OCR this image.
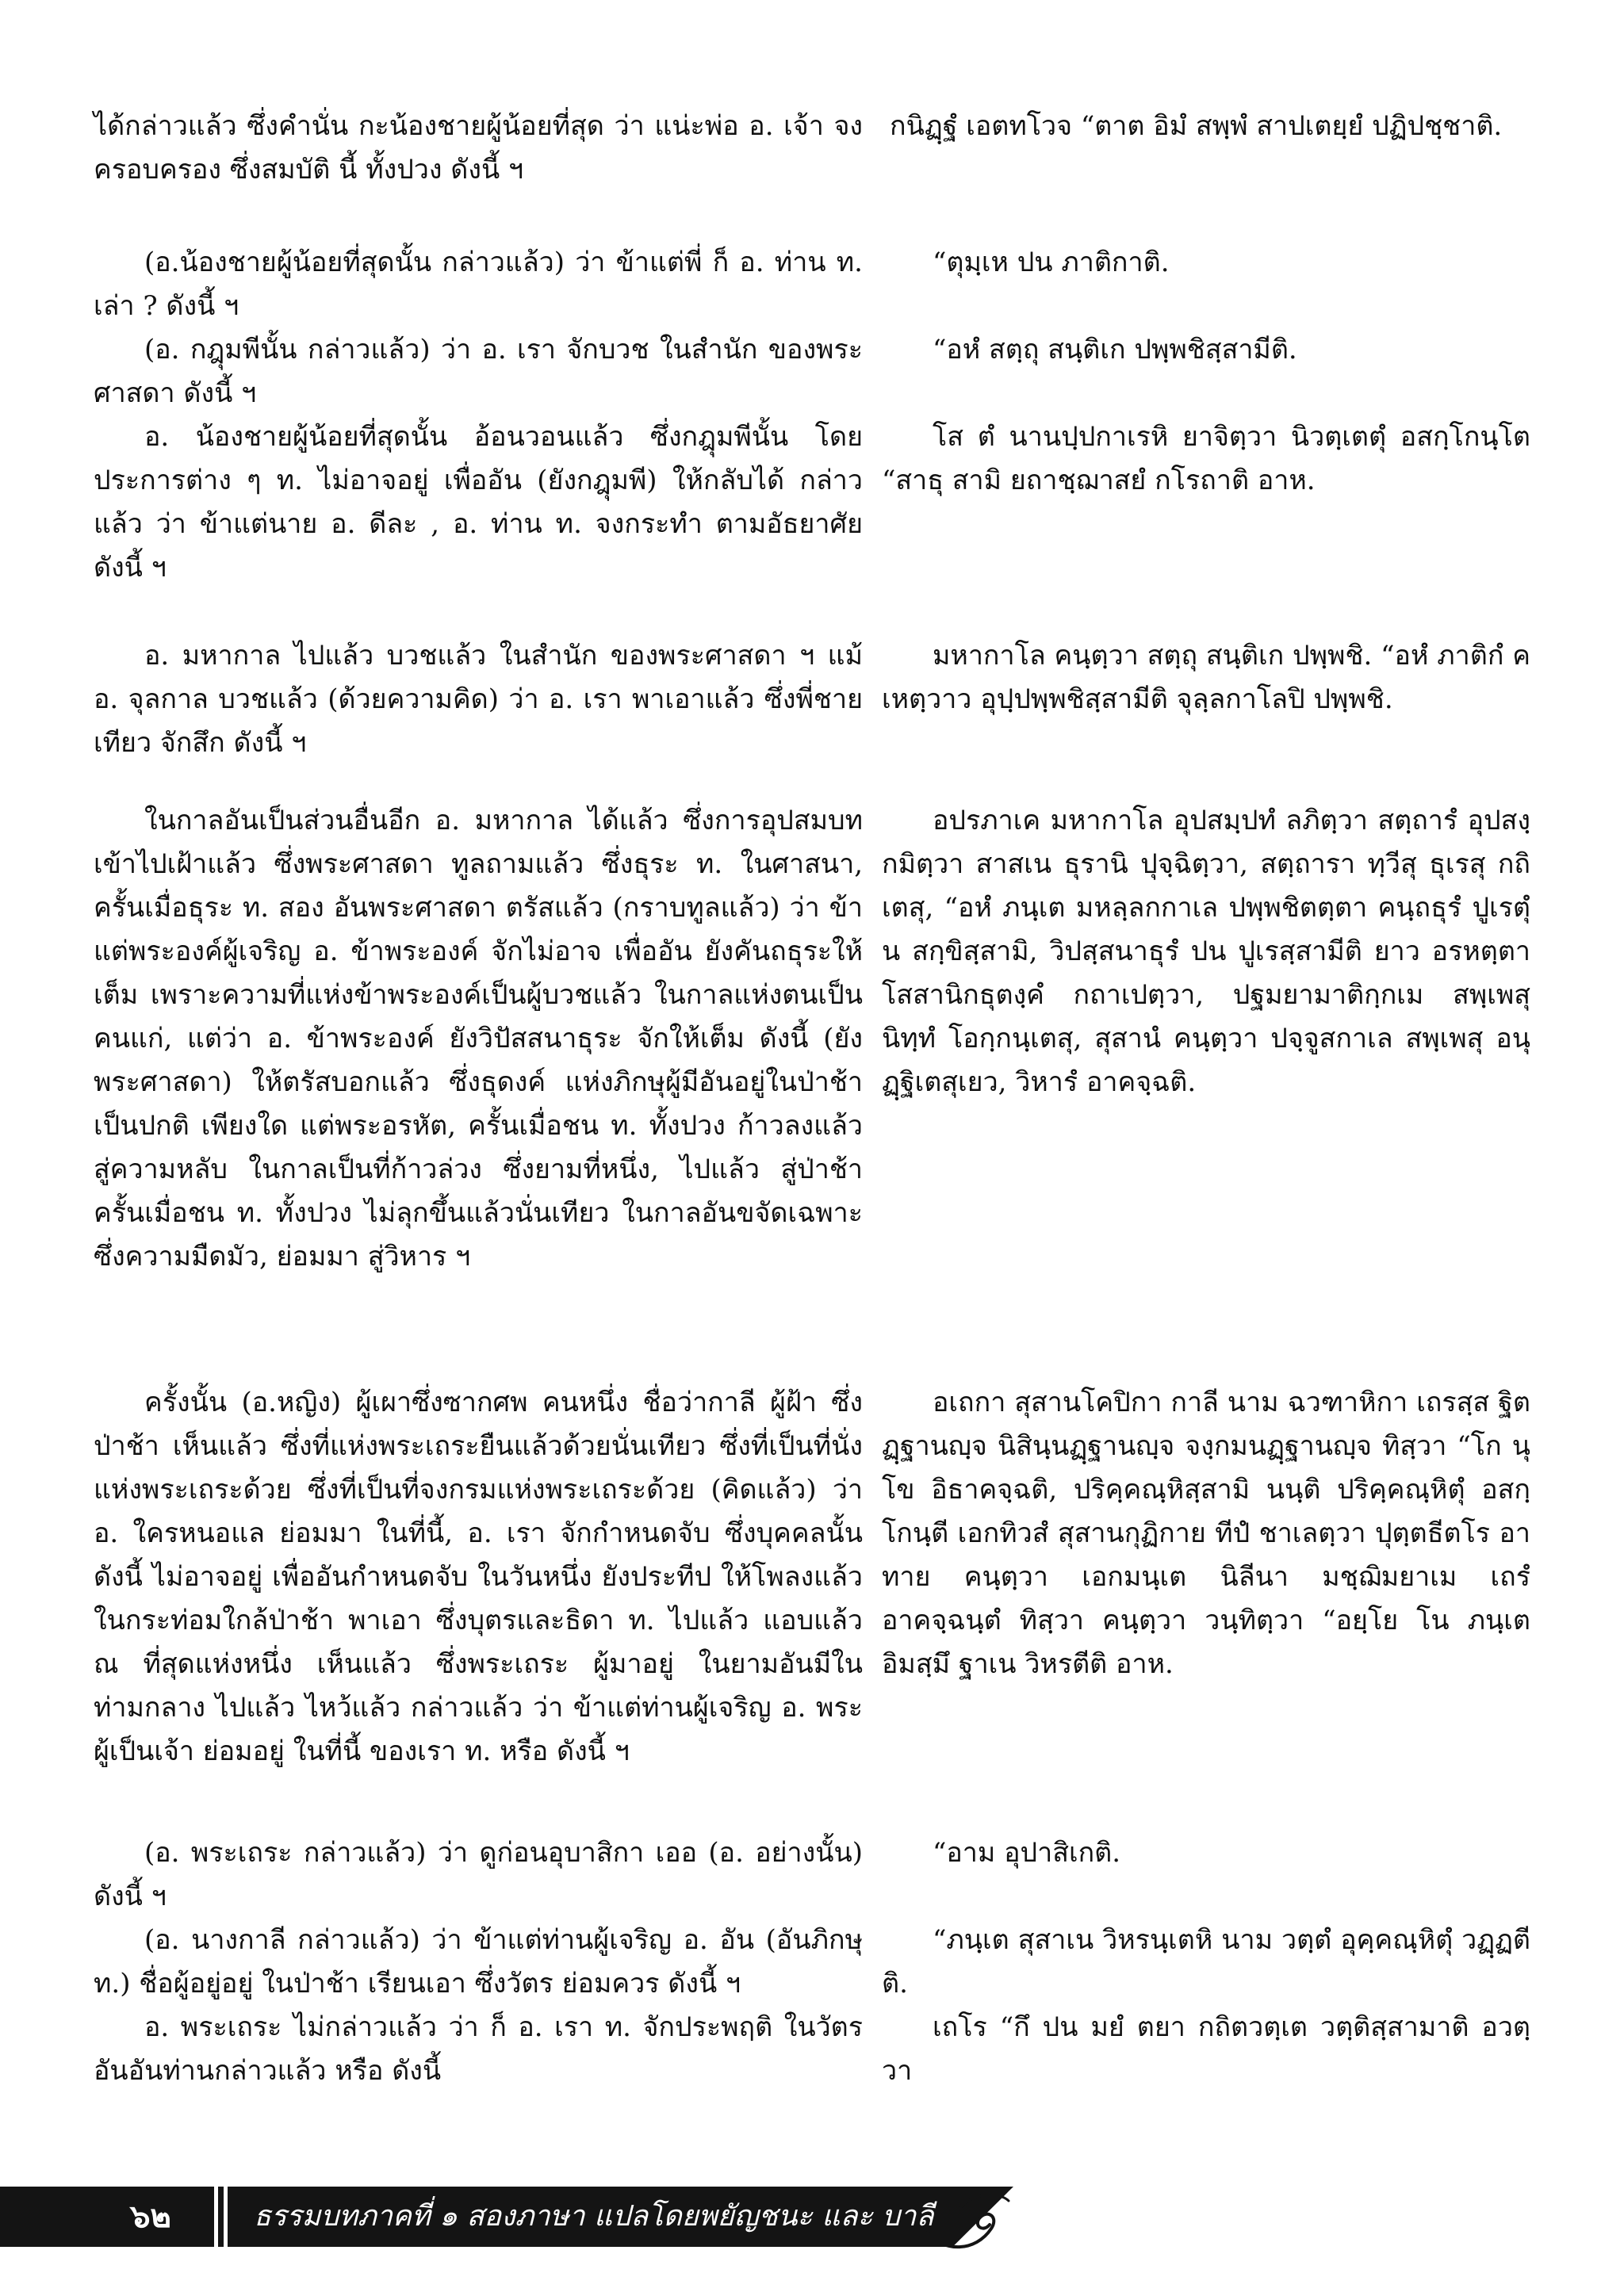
ได้กล่าวแล้ว ซึ่งคำนั่น กะน้องชายผู้น้อยที่สุด ว่า แน่ะพ่อ อ. เจ้า จงครอบครอง ซึ่งสมบัติ นี้ ทั้งปวง ดังนี้ ฯ

(อ.น้องชายผู้น้อยที่สุดนั้น กล่าวแล้ว) ว่า ข้าแต่พี่ ก็ อ. ท่าน ท. เล่า ? ดังนี้ ฯ

(อ. กฎุมพีนั้น กล่าวแล้ว) ว่า อ. เรา จักบวช ในสำนัก ของพระศาสดา ดังนี้ ฯ

อ. น้องชายผู้น้อยที่สุดนั้น อ้อนวอนแล้ว ซึ่งกฎุมพีนั้น โดยประการต่าง ๆ ท. ไม่อาจอยู่ เพื่ออัน (ยังกฎุมพี) ให้กลับได้ กล่าวแล้ว ว่า ข้าแต่นาย อ. ดีละ , อ. ท่าน ท. จงกระทำ ตามอัธยาศัย ดังนี้ ฯ

อ. มหากาล ไปแล้ว บวชแล้ว ในสำนัก ของพระศาสดา ฯ แม้ อ. จุลกาล บวชแล้ว (ด้วยความคิด) ว่า อ. เรา พาเอาแล้ว ซึ่งพี่ชายเทียว จักสึก ดังนี้ ฯ

ในกาลอันเป็นส่วนอื่นอีก อ. มหากาล ได้แล้ว ซึ่งการอุปสมบท เข้าไปเฝ้าแล้ว ซึ่งพระศาสดา ทูลถามแล้ว ซึ่งธุระ ท. ในศาสนา, ครั้นเมื่อธุระ ท. สอง อันพระศาสดา ตรัสแล้ว (กราบทูลแล้ว) ว่า ข้าแต่พระองค์ผู้เจริญ อ. ข้าพระองค์ จักไม่อาจ เพื่ออัน ยังคันถธุระให้เต็ม เพราะความที่แห่งข้าพระองค์เป็นผู้บวชแล้ว ในกาลแห่งตนเป็นคนแก่, แต่ว่า อ. ข้าพระองค์ ยังวิปัสสนาธุระ จักให้เต็ม ดังนี้ (ยังพระศาสดา) ให้ตรัสบอกแล้ว ซึ่งธุดงค์ แห่งภิกษุผู้มีอันอยู่ในป่าช้าเป็นปกติ เพียงใด แต่พระอรหัต, ครั้นเมื่อชน ท. ทั้งปวง ก้าวลงแล้ว สู่ความหลับ ในกาลเป็นที่ก้าวล่วง ซึ่งยามที่หนึ่ง, ไปแล้ว สู่ป่าช้า ครั้นเมื่อชน ท. ทั้งปวง ไม่ลุกขึ้นแล้วนั่นเทียว ในกาลอันขจัดเฉพาะซึ่งความมืดมัว, ย่อมมา สู่วิหาร ฯ

ครั้งนั้น (อ.หญิง) ผู้เผาซึ่งซากศพ คนหนึ่ง ชื่อว่ากาลี ผู้ฝ้า ซึ่งป่าช้า เห็นแล้ว ซึ่งที่แห่งพระเถระยืนแล้วด้วยนั่นเทียว ซึ่งที่เป็นที่นั่งแห่งพระเถระด้วย ซึ่งที่เป็นที่จงกรมแห่งพระเถระด้วย (คิดแล้ว) ว่า อ. ใครหนอแล ย่อมมา ในที่นี้, อ. เรา จักกำหนดจับ ซึ่งบุคคลนั้น ดังนี้ ไม่อาจอยู่ เพื่ออันกำหนดจับ ในวันหนึ่ง ยังประทีป ให้โพลงแล้ว ในกระท่อมใกล้ป่าช้า พาเอา ซึ่งบุตรและธิดา ท. ไปแล้ว แอบแล้ว ณ ที่สุดแห่งหนึ่ง เห็นแล้ว ซึ่งพระเถระ ผู้มาอยู่ ในยามอันมีในท่ามกลาง ไปแล้ว ไหว้แล้ว กล่าวแล้ว ว่า ข้าแต่ท่านผู้เจริญ อ. พระผู้เป็นเจ้า ย่อมอยู่ ในที่นี้ ของเรา ท. หรือ ดังนี้ ฯ

(อ. พระเถระ กล่าวแล้ว) ว่า ดูก่อนอุบาสิกา เออ (อ. อย่างนั้น) ดังนี้ ฯ

(อ. นางกาลี กล่าวแล้ว) ว่า ข้าแต่ท่านผู้เจริญ อ. อัน (อันภิกษุ ท.) ชื่อผู้อยู่อยู่ ในป่าช้า เรียนเอา ซึ่งวัตร ย่อมควร ดังนี้ ฯ

อ. พระเถระ ไม่กล่าวแล้ว ว่า ก็ อ. เรา ท. จักประพฤติ ในวัตร อันอันท่านกล่าวแล้ว หรือ ดังนี้

กนิฏฺฐํ เอตทโวจ “ตาต อิมํ สพฺพํ สาปเตยฺยํ ปฏิปชฺชาติ.

“ตุมฺเห ปน ภาติกาติ.

“อหํ สตฺถุ สนฺติเก ปพฺพชิสฺสามีติ.

โส ตํ นานปฺปกาเรหิ ยาจิตฺวา นิวตฺเตตุํ อสกฺโกนฺโต “สาธุ สามิ ยถาชฺฌาสยํ กโรถาติ อาห.

มหากาโล คนฺตฺวา สตฺถุ สนฺติเก ปพฺพชิ. “อหํ ภาติกํ คเหตฺวาว อุปฺปพฺพชิสฺสามีติ จุลฺลกาโลปิ ปพฺพชิ.

อปรภาเค มหากาโล อุปสมฺปทํ ลภิตฺวา สตฺถารํ อุปสงฺกมิตฺวา สาสเน ธุรานิ ปุจฺฉิตฺวา, สตฺถารา ทฺวีสุ ธุเรสุ กถิเตสุ, “อหํ ภนฺเต มหลฺลกกาเล ปพฺพชิตตฺตา คนฺถธุรํ ปูเรตุํ น สกฺขิสฺสามิ, วิปสฺสนาธุรํ ปน ปูเรสฺสามีติ ยาว อรหตฺตา โสสานิกธุตงฺคํ กถาเปตฺวา, ปฐมยามาติกฺกเม สพฺเพสุ นิทฺทํ โอกฺกนฺเตสุ, สุสานํ คนฺตฺวา ปจฺจูสกาเล สพฺเพสุ อนุฏฺฐิเตสุเยว, วิหารํ อาคจฺฉติ.

อเถกา สุสานโคปิกา กาลี นาม ฉวฑาหิกา เถรสฺส ฐิตฏฺฐานญฺจ นิสินฺนฏฺฐานญฺจ จงฺกมนฏฺฐานญฺจ ทิสฺวา “โก นุ โข อิธาคจฺฉติ, ปริคฺคณฺหิสฺสามิ นนฺติ ปริคฺคณฺหิตุํ อสกฺโกนฺตี เอกทิวสํ สุสานกุฏิกาย ทีปํ ชาเลตฺวา ปุตฺตธีตโร อาทาย คนฺตฺวา เอกมนฺเต นิลีนา มชฺฌิมยาเม เถรํ อาคจฺฉนฺตํ ทิสฺวา คนฺตฺวา วนฺทิตฺวา “อยฺโย โน ภนฺเต อิมสฺมึ ฐาเน วิหรตีติ อาห.

“อาม อุปาสิเกติ.

“ภนฺเต สุสาเน วิหรนฺเตหิ นาม วตฺตํ อุคฺคณฺหิตุํ วฏฺฏตีติ.

เถโร “กึ ปน มยํ ตยา กถิตวตฺเต วตฺติสฺสามาติ อวตฺวา

๖๒	ธรรมบทภาคที่ ๑ สองภาษา แปลโดยพยัญชนะ และ บาลี
